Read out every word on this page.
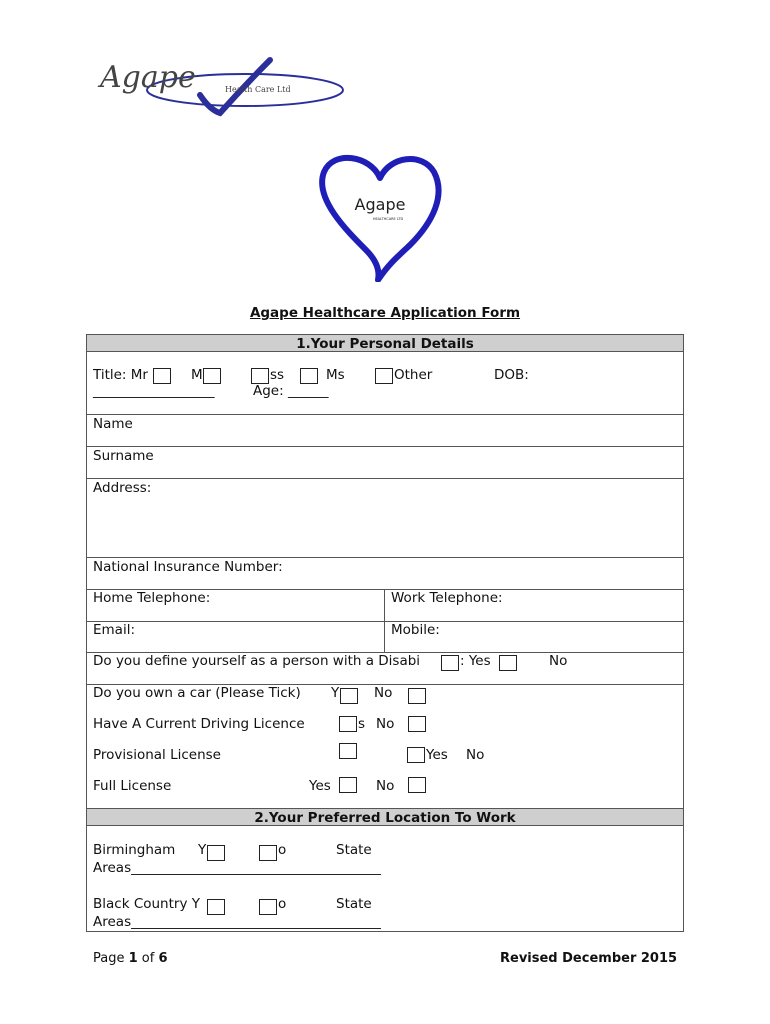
Agape	Health Care Ltd
Agape
HEALTHCARE LTD
Agape Healthcare Application Form
1.Your Personal Details
Title: Mr	M	ss	Ms	Other	DOB:
__________________	Age: ______
Name
Surname
Address:
National Insurance Number:
Home Telephone:	Work Telephone:
Email:	Mobile:
Do you define yourself as a person with a Disabi	: Yes	No
Do you own a car (Please Tick) Y	No
Have A Current Driving Licence	s No
Provisional License	Yes No
Full License	Yes	No
2.Your Preferred Location To Work
Birmingham Y	o	State
Areas_____________________________________
Black Country Y	o	State
Areas_____________________________________
Page 1 of 6	Revised December 2015
